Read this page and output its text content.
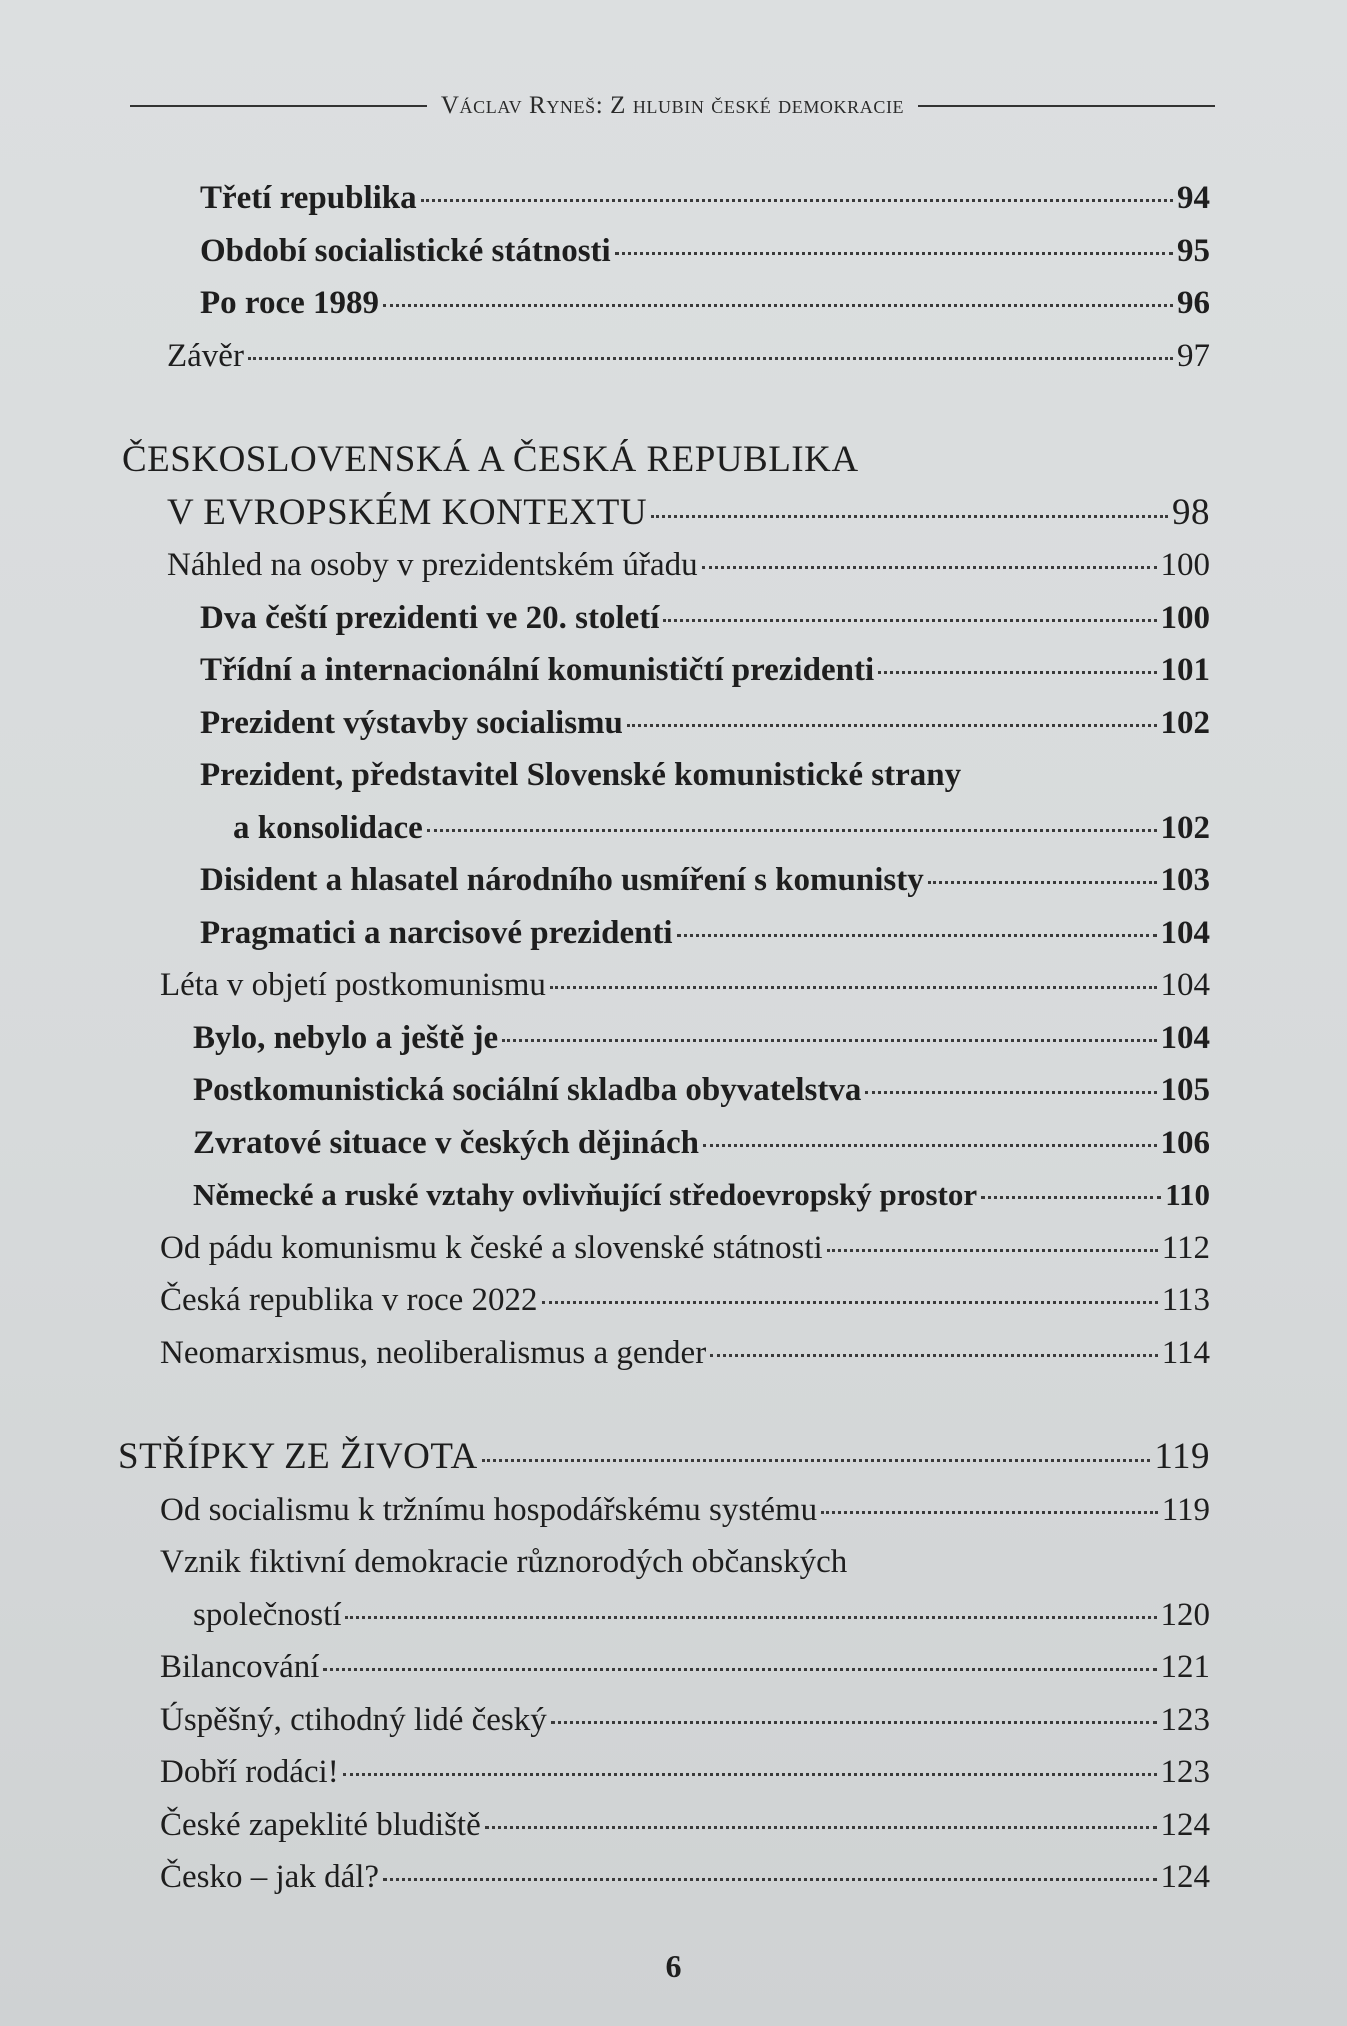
Václav Ryneš: Z hlubin české demokracie
Třetí republika	94
Období socialistické státnosti	95
Po roce 1989	96
Závěr	97
ČESKOSLOVENSKÁ A ČESKÁ REPUBLIKA
V EVROPSKÉM KONTEXTU	98
Náhled na osoby v prezidentském úřadu	100
Dva čeští prezidenti ve 20. století	100
Třídní a internacionální komunističtí prezidenti	101
Prezident výstavby socialismu	102
Prezident, představitel Slovenské komunistické strany
a konsolidace	102
Disident a hlasatel národního usmíření s komunisty	103
Pragmatici a narcisové prezidenti	104
Léta v objetí postkomunismu	104
Bylo, nebylo a ještě je	104
Postkomunistická sociální skladba obyvatelstva	105
Zvratové situace v českých dějinách	106
Německé a ruské vztahy ovlivňující středoevropský prostor	110
Od pádu komunismu k české a slovenské státnosti	112
Česká republika v roce 2022	113
Neomarxismus, neoliberalismus a gender	114
STŘÍPKY ZE ŽIVOTA	119
Od socialismu k tržnímu hospodářskému systému	119
Vznik fiktivní demokracie různorodých občanských
společností	120
Bilancování	121
Úspěšný, ctihodný lidé český	123
Dobří rodáci!	123
České zapeklité bludiště	124
Česko – jak dál?	124
6
